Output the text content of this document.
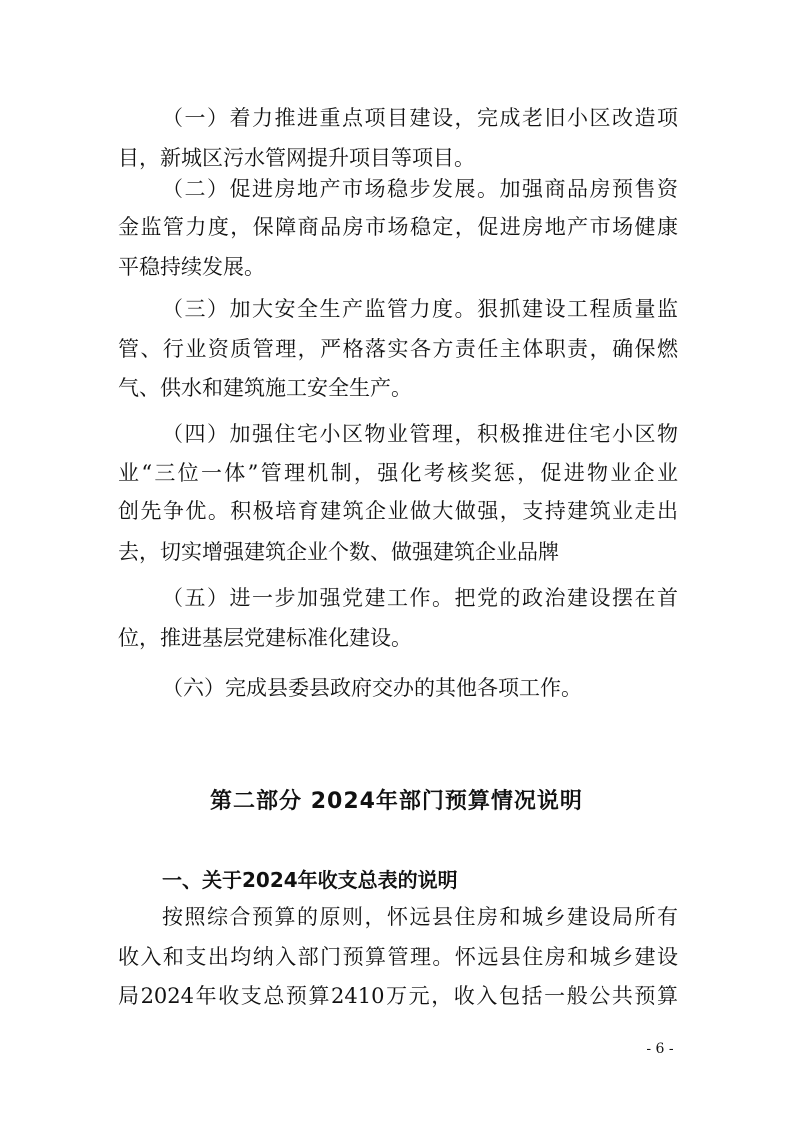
（一）着力推进重点项目建设，完成老旧小区改造项
目，新城区污水管网提升项目等项目。
（二）促进房地产市场稳步发展。加强商品房预售资
金监管力度，保障商品房市场稳定，促进房地产市场健康
平稳持续发展。
（三）加大安全生产监管力度。狠抓建设工程质量监
管、行业资质管理，严格落实各方责任主体职责，确保燃
气、供水和建筑施工安全生产。
（四）加强住宅小区物业管理，积极推进住宅小区物
业“三位一体”管理机制，强化考核奖惩，促进物业企业
创先争优。积极培育建筑企业做大做强，支持建筑业走出
去，切实增强建筑企业个数、做强建筑企业品牌
（五）进一步加强党建工作。把党的政治建设摆在首
位，推进基层党建标准化建设。
（六）完成县委县政府交办的其他各项工作。
第二部分 2024年部门预算情况说明
一、关于2024年收支总表的说明
按照综合预算的原则，怀远县住房和城乡建设局所有
收入和支出均纳入部门预算管理。怀远县住房和城乡建设
局2024年收支总预算2410万元，收入包括一般公共预算
- 6 -
